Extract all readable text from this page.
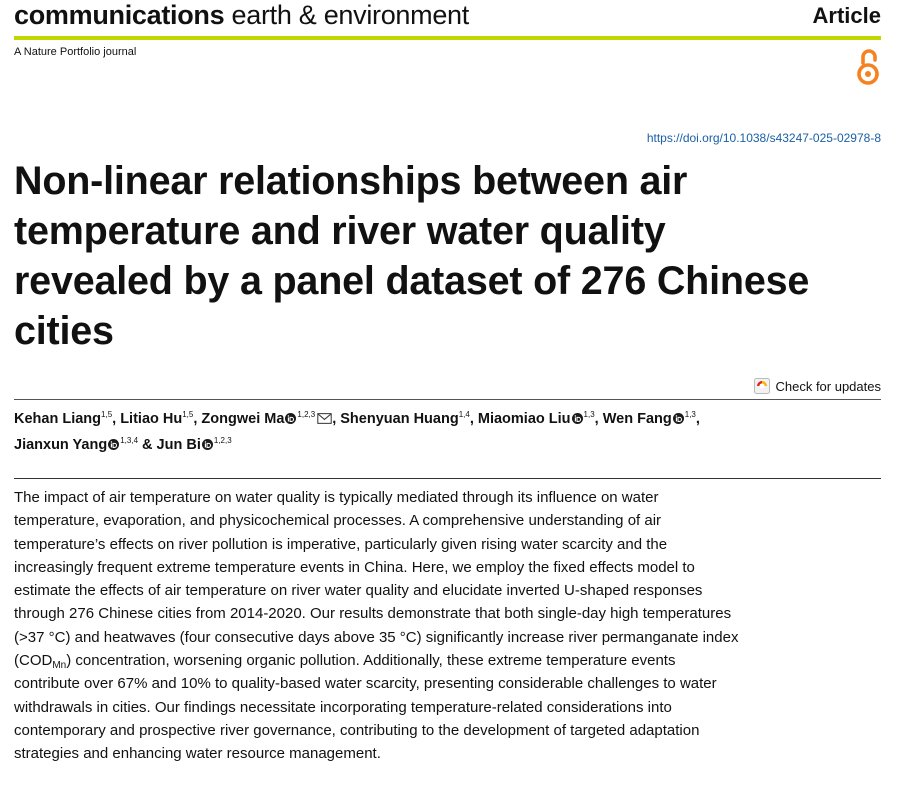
communications earth & environment	Article
A Nature Portfolio journal
https://doi.org/10.1038/s43247-025-02978-8
Non-linear relationships between air temperature and river water quality revealed by a panel dataset of 276 Chinese cities
Check for updates
Kehan Liang$^{1,5}$, Litiao Hu$^{1,5}$, Zongwei Ma $^{1,2,3}$ , Shenyuan Huang$^{1,4}$, Miaomiao Liu $^{1,3}$, Wen Fang $^{1,3}$,
Jianxun Yang $^{1,3,4}$ & Jun Bi $^{1,2,3}$

The impact of air temperature on water quality is typically mediated through its influence on water temperature, evaporation, and physicochemical processes. A comprehensive understanding of air temperature’s effects on river pollution is imperative, particularly given rising water scarcity and the increasingly frequent extreme temperature events in China. Here, we employ the fixed effects model to estimate the effects of air temperature on river water quality and elucidate inverted U-shaped responses through 276 Chinese cities from 2014-2020. Our results demonstrate that both single-day high temperatures (>37 °C) and heatwaves (four consecutive days above 35 °C) significantly increase river permanganate index $(COD_{Mn})$ concentration, worsening organic pollution. Additionally, these extreme temperature events contribute over 67% and 10% to quality-based water scarcity, presenting considerable challenges to water withdrawals in cities. Our findings necessitate incorporating temperature-related considerations into contemporary and prospective river governance, contributing to the development of targeted adaptation strategies and enhancing water resource management.
